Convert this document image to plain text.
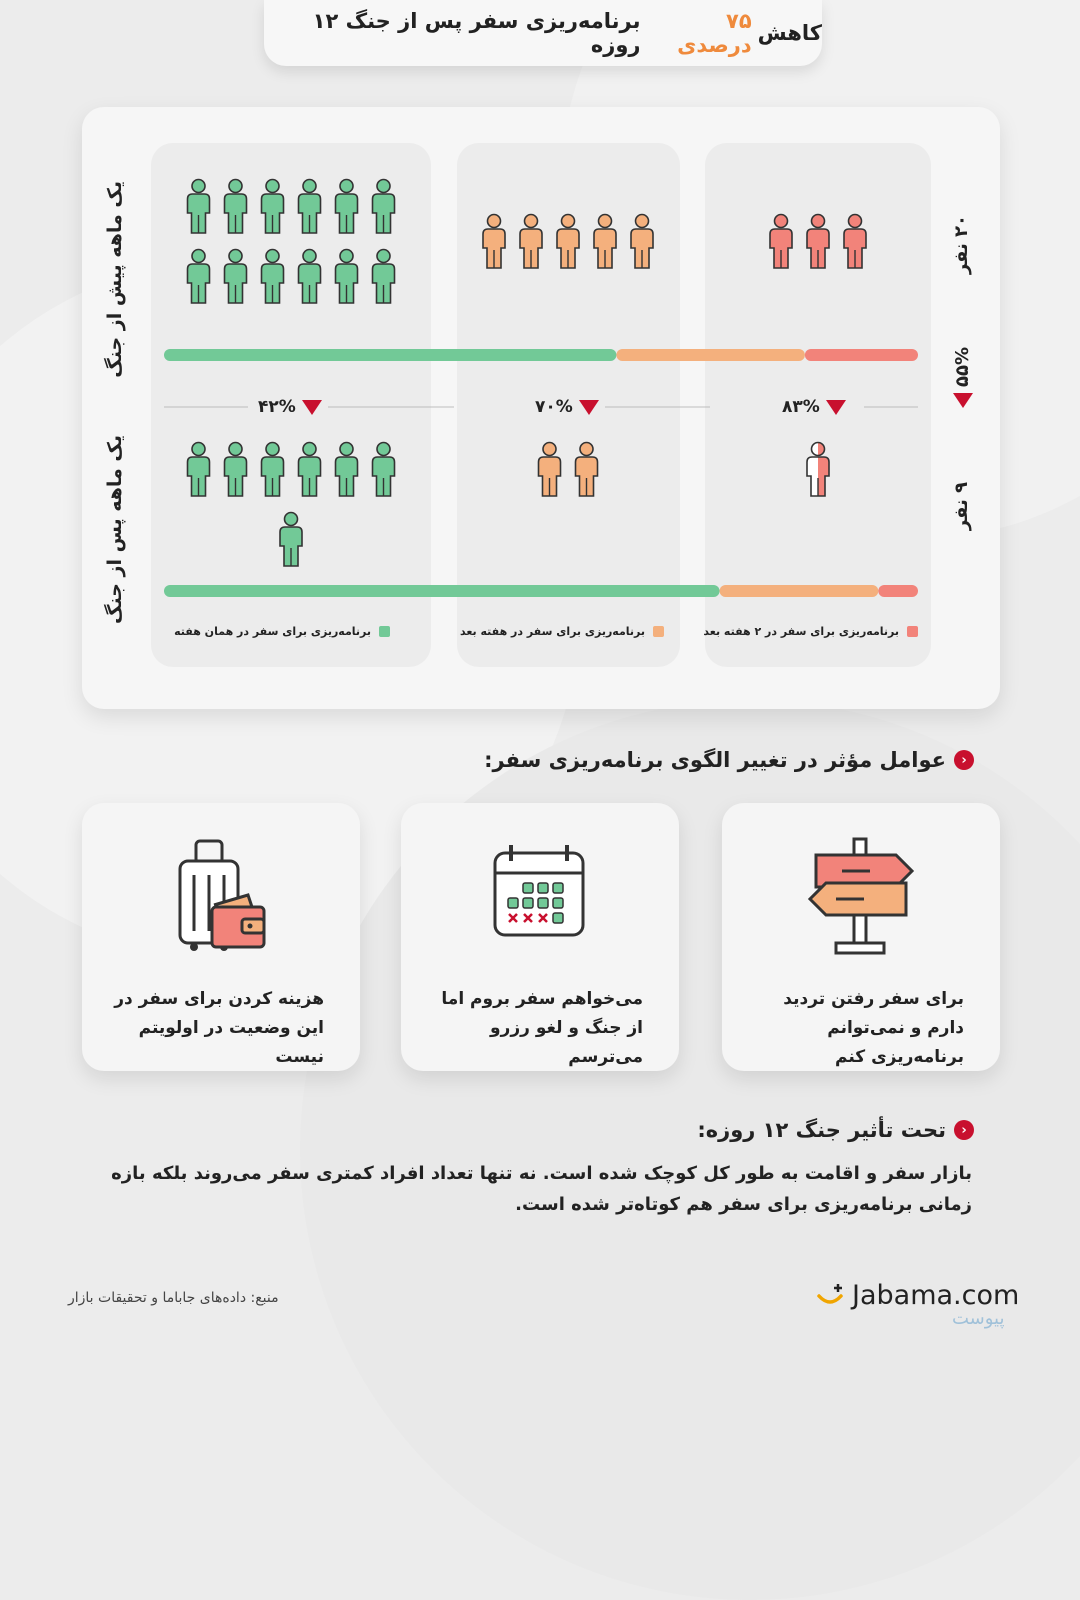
کاهش
۷۵ درصدی
برنامه‌ریزی سفر پس از جنگ ۱۲ روزه
یک ماهه پیش از جنگ
یک ماهه پس از جنگ
۲۰ نفر
۹ نفر
۵۵%
۸۳%
۷۰%
۴۲%
برنامه‌ریزی برای سفر در ۲ هفته بعد
برنامه‌ریزی برای سفر در هفته بعد
برنامه‌ریزی برای سفر در همان هفته
‹
عوامل مؤثر در تغییر الگوی برنامه‌ریزی سفر:
برای سفر رفتن تردید دارم و نمی‌توانم برنامه‌ریزی کنم
می‌خواهم سفر بروم اما از جنگ و لغو رزرو می‌ترسم
هزینه کردن برای سفر در این وضعیت در اولویتم نیست
‹
تحت تأثیر جنگ ۱۲ روزه:
بازار سفر و اقامت به طور کل کوچک شده است. نه تنها تعداد افراد کمتری سفر می‌روند بلکه بازه زمانی برنامه‌ریزی برای سفر هم کوتاه‌تر شده است.
منبع: داده‌های جاباما و تحقیقات بازار	Jabama.com
پیوست
